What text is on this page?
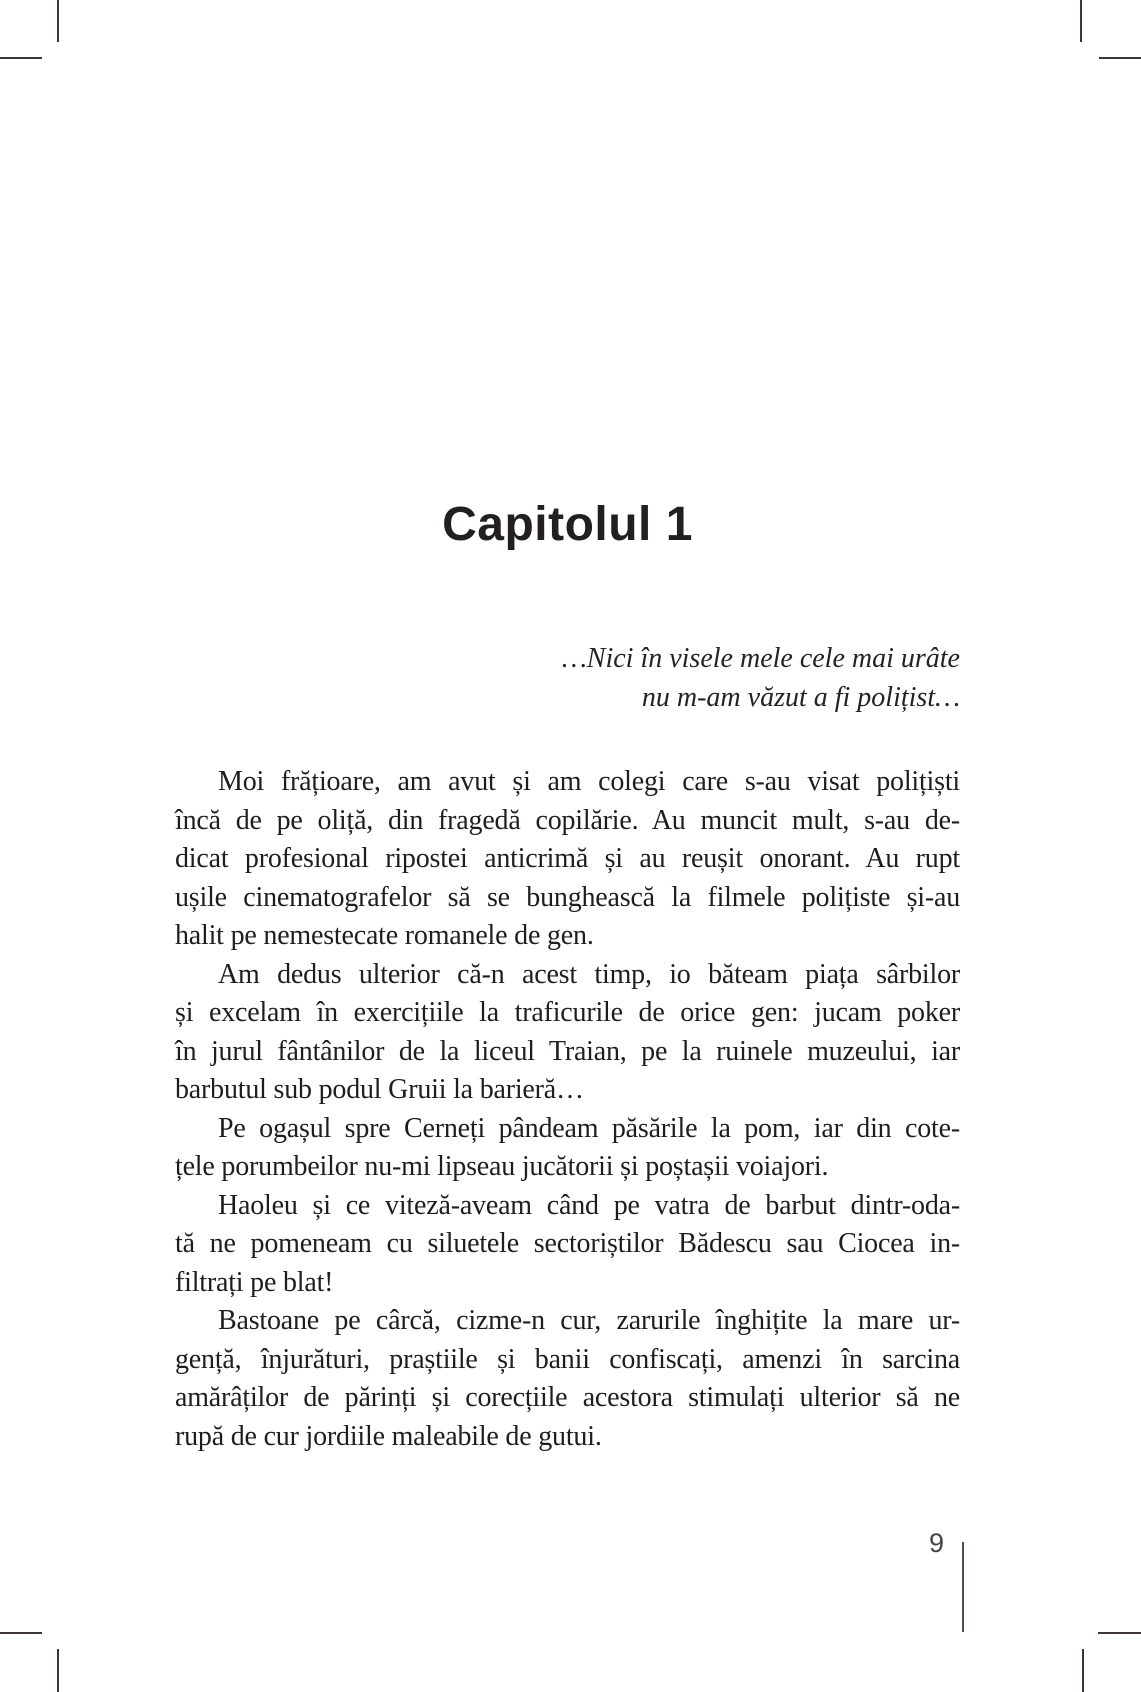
Capitolul 1
…Nici în visele mele cele mai urâte
nu m-am văzut a fi polițist…
Moi frățioare, am avut și am colegi care s-au visat polițiști
încă de pe oliță, din fragedă copilărie. Au muncit mult, s-au de-
dicat profesional ripostei anticrimă și au reușit onorant. Au rupt
ușile cinematografelor să se bunghească la filmele polițiste și-au
halit pe nemestecate romanele de gen.
Am dedus ulterior că-n acest timp, io băteam piața sârbilor
și excelam în exercițiile la traficurile de orice gen: jucam poker
în jurul fântânilor de la liceul Traian, pe la ruinele muzeului, iar
barbutul sub podul Gruii la barieră…
Pe ogașul spre Cerneți pândeam păsările la pom, iar din cote-
țele porumbeilor nu-mi lipseau jucătorii și poștașii voiajori.
Haoleu și ce viteză-aveam când pe vatra de barbut dintr-oda-
tă ne pomeneam cu siluetele sectoriștilor Bădescu sau Ciocea in-
filtrați pe blat!
Bastoane pe cârcă, cizme-n cur, zarurile înghițite la mare ur-
gență, înjurături, praștiile și banii confiscați, amenzi în sarcina
amărâților de părinți și corecțiile acestora stimulați ulterior să ne
rupă de cur jordiile maleabile de gutui.
9
